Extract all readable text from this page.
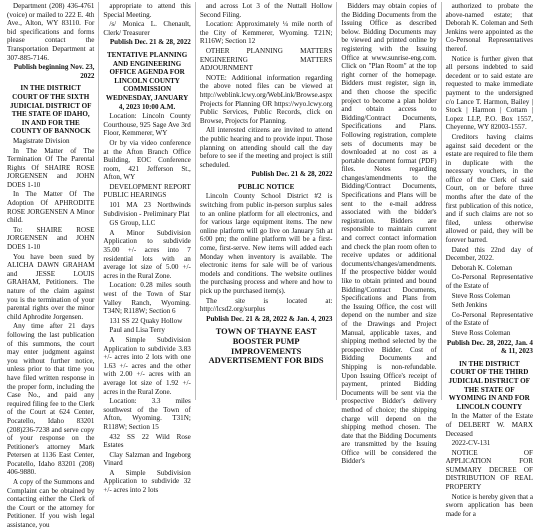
Department (208) 436-4761 (voice) or mailed to 222 E. 4th Ave., Alton, WY 83110. For bid specifications and forms please contact the Transportation Department at 307-885-7146.

Publish beginning Nov. 23, 2022

IN THE DISTRICT COURT OF THE SIXTH JUDICIAL DISTRICT OF THE STATE OF IDAHO, IN AND FOR THE COUNTY OF BANNOCK

Magistrate Division

In The Matter of The Termination Of The Parental Rights Of SHAIRE ROSE JORGENSEN and JOHN DOES 1-10

In The Matter Of The Adoption Of APHRODITE ROSE JORGENSEN A Minor child.

To: SHAIRE ROSE JORGENSEN and JOHN DOES 1-10

You have been sued by ALICHA DAWN GRAHAM and JESSE LOUIS GRAHAM, Petitioners. The nature of the claim against you is the termination of your parental rights over the minor child Aphrodite Jorgensen.

Any time after 21 days following the last publication of this summons, the court may enter judgment against you without further notice, unless prior to that time you have filed written response in the proper form, including the Case No., and paid any required filing fee to the Clerk of the Court at 624 Center, Pocatello, Idaho 83201 (208)236-7238 and serve copy of your response on the Petitioner's attorney Mark Petersen at 1136 East Center, Pocatello, Idaho 83201 (208) 406-9880.

A copy of the Summons and Complaint can be obtained by contacting either the Clerk of the Court or the attorney for Petitioner. If you wish legal assistance, you

appropriate to attend this Special Meeting.

/s/ Monica L. Chenault, Clerk/ Treasurer

Publish Dec. 21 & 28, 2022

TENTATIVE PLANNING AND ENGINEERING OFFICE AGENDA FOR LINCOLN COUNTY COMMISSION WEDNESDAY, JANUARY 4, 2023 10:00 A.M.

Location: Lincoln County Courthouse, 925 Sage Ave 3rd Floor, Kemmerer, WY

Or by via video conference at the Afton Branch Office Building, EOC Conference room, 421 Jefferson St., Afton, WY

DEVELOPMENT REPORT PUBLIC HEARINGS

101 MA 23 Northwinds Subdivision - Preliminary Plat

GS Group, LLC

A Minor Subdivision Application to subdivide 35.00 +/- acres into 7 residential lots with an average lot size of 5.00 +/- acres in the Rural Zone.

Location: 0.28 miles south west of the Town of Star Valley Ranch, Wyoming. T34N; R118W; Section 6

131 SS 22 Quaky Hollow

Paul and Lisa Terry

A Simple Subdivision Application to subdivide 3.83 +/- acres into 2 lots with one 1.63 +/- acres and the other with 2.00 +/- acres with an average lot size of 1.92 +/- acres in the Rural Zone.

Location: 3.3 miles southwest of the Town of Afton, Wyoming. T31N; R118W; Section 15

432 SS 22 Wild Rose Estates

Clay Salzman and Ingeborg Vinard

A Simple Subdivision Application to subdivide 32 +/- acres into 2 lots

and across Lot 3 of the Nuttall Hollow Second Filing.

Location: Approximately ¼ mile north of the City of Kemmerer, Wyoming. T21N; R116W; Section 12

OTHER PLANNING MATTERS ENGINEERING MATTERS ADJOURNMENT

NOTE: Additional information regarding the above noted files can be viewed at http://weblink.lcwy.org/WebLink/Browse.aspx Projects for Planning OR https://wyo.lcwy.org Public Services, Public Records, click on Browse, Projects for Planning.

All interested citizens are invited to attend the public hearing and to provide input. Those planning on attending should call the day before to see if the meeting and project is still scheduled.

Publish Dec. 21 & 28, 2022

PUBLIC NOTICE

Lincoln County School District #2 is switching from public in-person surplus sales to an online platform for all electronics, and for various large equipment items. The new online platform will go live on January 5th at 6:00 pm; the online platform will be a first-come, first-serve. New items will added each Monday when inventory is available. The electronic items for sale will be of various models and conditions. The website outlines the purchasing process and where and how to pick up the purchased item(s).

The site is located at: http://lcsd2.org/surplus

Publish Dec. 21 & 28, 2022 & Jan. 4, 2023

TOWN OF THAYNE EAST BOOSTER PUMP IMPROVEMENTS ADVERTISEMENT FOR BIDS

Bidders may obtain copies of the Bidding Documents from the Issuing Office as described below. Bidding Documents may be viewed and printed online by registering with the Issuing Office at www.sunrise-eng.com. Click on "Plan Room" at the top right corner of the homepage. Bidders must register, sign in, and then choose the specific project to become a plan holder and obtain access to Bidding/Contract Documents, Specifications and Plans. Following registration, complete sets of documents may be downloaded at no cost as a portable document format (PDF) files. Notes regarding changes/amendments to the Bidding/Contract Documents, Specifications and Plans will be sent to the e-mail address associated with the bidder's registration. Bidders are responsible to maintain current and correct contact information and check the plan room often to receive updates or additional documents/changes/amendments. If the prospective bidder would like to obtain printed and bound Bidding/Contract Documents, Specifications and Plans from the Issuing Office, the cost will depend on the number and size of the Drawings and Project Manual, applicable taxes, and shipping method selected by the prospective Bidder. Cost of Bidding Documents and Shipping is non-refundable. Upon Issuing Office's receipt of payment, printed Bidding Documents will be sent via the prospective Bidder's delivery method of choice; the shipping charge will depend on the shipping method chosen. The date that the Bidding Documents are transmitted by the Issuing Office will be considered the Bidder's

authorized to probate the above-named estate; that Deborah K. Coleman and Seth Jenkins were appointed as the Co-Personal Representatives thereof.

Notice is further given that all persons indebted to said decedent or to said estate are requested to make immediate payment to the undersigned c/o Lance T. Harmon, Bailey | Stock | Harmon | Cottam | Lopez LLP, P.O. Box 1557, Cheyenne, WY 82003-1557.

Creditors having claims against said decedent or the estate are required to file them in duplicate with the necessary vouchers, in the office of the Clerk of said Court, on or before three months after the date of the first publication of this notice, and if such claims are not so filed, unless otherwise allowed or paid, they will be forever barred.

Dated this 22nd day of December, 2022.

Deborah K. Coleman

Co-Personal Representative of the Estate of

Steve Ross Coleman

Seth Jenkins

Co-Personal Representative of the Estate of

Steve Ross Coleman

Publish Dec. 28, 2022, Jan. 4 & 11, 2023

IN THE DISTRICT COURT OF THE THIRD JUDICIAL DISTRICT OF THE STATE OF WYOMING IN AND FOR LINCOLN COUNTY

In the Matter of the Estate of DELBERT W. MARX Deceased

2022-CV-131

NOTICE OF APPLICATION FOR SUMMARY DECREE OF DISTRIBUTION OF REAL PROPERTY

Notice is hereby given that a sworn application has been made for a
